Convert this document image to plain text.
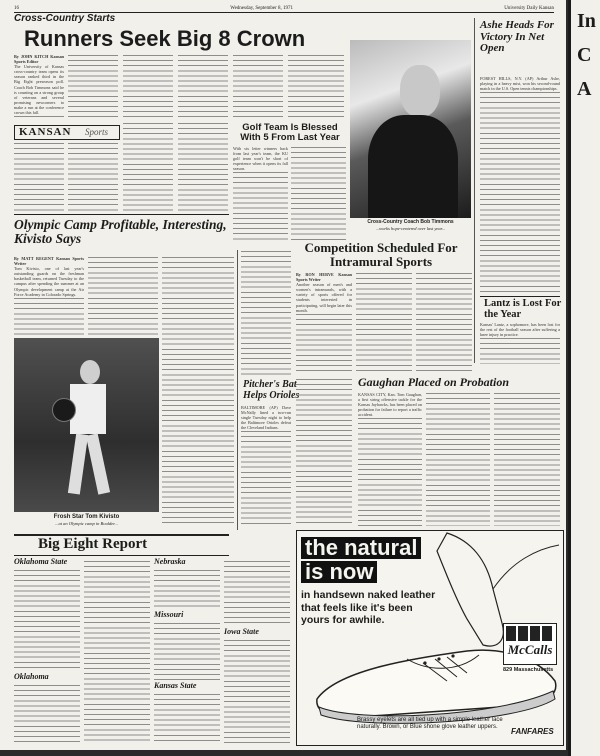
16	Wednesday, September 8, 1971	University Daily Kansan
Cross-Country Starts
Runners Seek Big 8 Crown
By JOHN KITCH Kansan Sports Editor
The University of Kansas cross-country team opens its season ranked third in the Big Eight preseason poll. Coach Bob Timmons said he is counting on a strong group of veterans and several promising newcomers to make a run at the conference crown this fall.
KANSAN Sports	Golf Team Is Blessed With 5 From Last Year
With six letter winners back from last year's team, the KU golf team won't be short of experience when it opens its fall season.
Cross-Country Coach Bob Timmons
...works hope-centered over last year...
Ashe Heads For Victory In Net Open
FOREST HILLS, N.Y. (AP) Arthur Ashe, playing in a heavy mist, won his second-round match in the U.S. Open tennis championships.
Lantz is Lost For the Year
Kansas' Lantz, a sophomore, has been lost for the rest of the football season after suffering a knee injury in practice.
Olympic Camp Profitable, Interesting, Kivisto Says
By MATT REGENT Kansan Sports Writer
Tom Kivisto, one of last year's outstanding guards on the freshman basketball team, returned Tuesday to the campus after spending the summer at an Olympic development camp at the Air Force Academy in Colorado Springs.
Frosh Star Tom Kivisto
...at an Olympic camp in Boulder...
Pitcher's Bat Helps Orioles
BALTIMORE (AP) Dave McNally lined a two-run single Tuesday night to help the Baltimore Orioles defeat the Cleveland Indians.
Competition Scheduled For Intramural Sports
By RON HERVE Kansan Sports Writer
Another season of men's and women's intramurals, with a variety of sports offered for students interested in participating, will begin later this month.
Gaughan Placed on Probation
KANSAS CITY, Kan. Tom Gaughan, a first string offensive tackle for the Kansas Jayhawks, has been placed on probation for failure to report a traffic accident.
Big Eight Report
Oklahoma State
Oklahoma
Nebraska
Missouri
Kansas State
Iowa State
the natural
is now
in handsewn naked leather that feels like it's been yours for awhile.
McCalls
829 Massachusetts
Brassy eyelets are all tied up with a simple leather lace naturally. Brown, or Blue shone glove leather uppers.	FANFARES
In
C
A
